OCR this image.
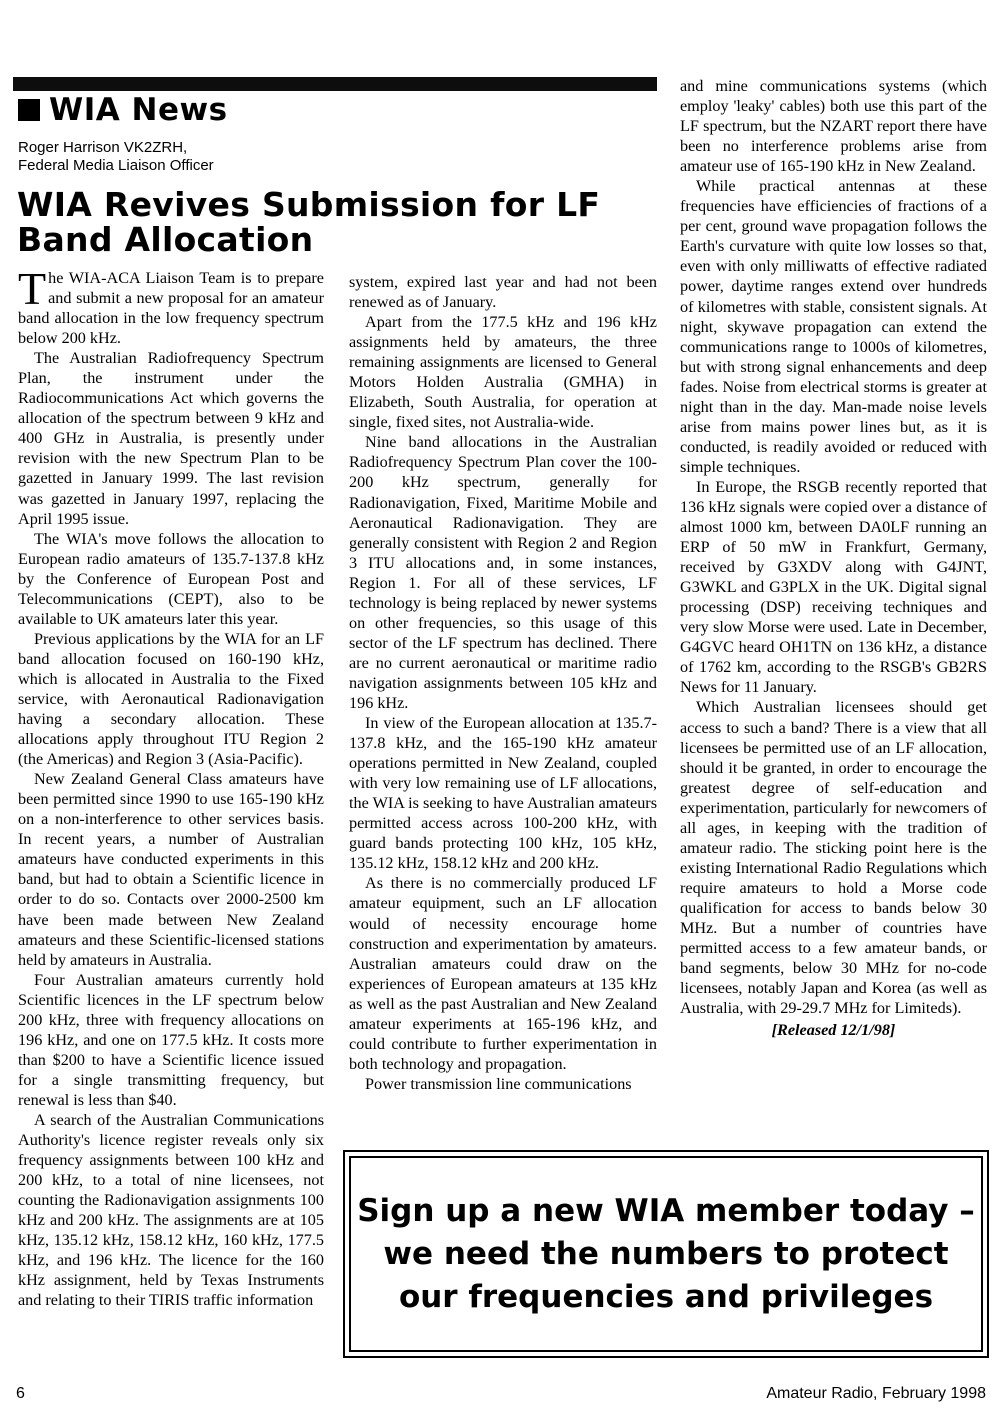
WIA News
Roger Harrison VK2ZRH,
Federal Media Liaison Officer
WIA Revives Submission for LF Band Allocation

The WIA-ACA Liaison Team is to prepare and submit a new proposal for an amateur band allocation in the low frequency spectrum below 200 kHz.

The Australian Radiofrequency Spectrum Plan, the instrument under the Radiocommunications Act which governs the allocation of the spectrum between 9 kHz and 400 GHz in Australia, is presently under revision with the new Spectrum Plan to be gazetted in January 1999. The last revision was gazetted in January 1997, replacing the April 1995 issue.

The WIA's move follows the allocation to European radio amateurs of 135.7-137.8 kHz by the Conference of European Post and Telecommunications (CEPT), also to be available to UK amateurs later this year.

Previous applications by the WIA for an LF band allocation focused on 160-190 kHz, which is allocated in Australia to the Fixed service, with Aeronautical Radionavigation having a secondary allocation. These allocations apply throughout ITU Region 2 (the Americas) and Region 3 (Asia-Pacific).

New Zealand General Class amateurs have been permitted since 1990 to use 165-190 kHz on a non-interference to other services basis. In recent years, a number of Australian amateurs have conducted experiments in this band, but had to obtain a Scientific licence in order to do so. Contacts over 2000-2500 km have been made between New Zealand amateurs and these Scientific-licensed stations held by amateurs in Australia.

Four Australian amateurs currently hold Scientific licences in the LF spectrum below 200 kHz, three with frequency allocations on 196 kHz, and one on 177.5 kHz. It costs more than $200 to have a Scientific licence issued for a single transmitting frequency, but renewal is less than $40.

A search of the Australian Communications Authority's licence register reveals only six frequency assignments between 100 kHz and 200 kHz, to a total of nine licensees, not counting the Radionavigation assignments 100 kHz and 200 kHz. The assignments are at 105 kHz, 135.12 kHz, 158.12 kHz, 160 kHz, 177.5 kHz, and 196 kHz. The licence for the 160 kHz assignment, held by Texas Instruments and relating to their TIRIS traffic information

system, expired last year and had not been renewed as of January.

Apart from the 177.5 kHz and 196 kHz assignments held by amateurs, the three remaining assignments are licensed to General Motors Holden Australia (GMHA) in Elizabeth, South Australia, for operation at single, fixed sites, not Australia-wide.

Nine band allocations in the Australian Radiofrequency Spectrum Plan cover the 100-200 kHz spectrum, generally for Radionavigation, Fixed, Maritime Mobile and Aeronautical Radionavigation. They are generally consistent with Region 2 and Region 3 ITU allocations and, in some instances, Region 1. For all of these services, LF technology is being replaced by newer systems on other frequencies, so this usage of this sector of the LF spectrum has declined. There are no current aeronautical or maritime radio navigation assignments between 105 kHz and 196 kHz.

In view of the European allocation at 135.7-137.8 kHz, and the 165-190 kHz amateur operations permitted in New Zealand, coupled with very low remaining use of LF allocations, the WIA is seeking to have Australian amateurs permitted access across 100-200 kHz, with guard bands protecting 100 kHz, 105 kHz, 135.12 kHz, 158.12 kHz and 200 kHz.

As there is no commercially produced LF amateur equipment, such an LF allocation would of necessity encourage home construction and experimentation by amateurs. Australian amateurs could draw on the experiences of European amateurs at 135 kHz as well as the past Australian and New Zealand amateur experiments at 165-196 kHz, and could contribute to further experimentation in both technology and propagation.

Power transmission line communications

and mine communications systems (which employ 'leaky' cables) both use this part of the LF spectrum, but the NZART report there have been no interference problems arise from amateur use of 165-190 kHz in New Zealand.

While practical antennas at these frequencies have efficiencies of fractions of a per cent, ground wave propagation follows the Earth's curvature with quite low losses so that, even with only milliwatts of effective radiated power, daytime ranges extend over hundreds of kilometres with stable, consistent signals. At night, skywave propagation can extend the communications range to 1000s of kilometres, but with strong signal enhancements and deep fades. Noise from electrical storms is greater at night than in the day. Man-made noise levels arise from mains power lines but, as it is conducted, is readily avoided or reduced with simple techniques.

In Europe, the RSGB recently reported that 136 kHz signals were copied over a distance of almost 1000 km, between DA0LF running an ERP of 50 mW in Frankfurt, Germany, received by G3XDV along with G4JNT, G3WKL and G3PLX in the UK. Digital signal processing (DSP) receiving techniques and very slow Morse were used. Late in December, G4GVC heard OH1TN on 136 kHz, a distance of 1762 km, according to the RSGB's GB2RS News for 11 January.

Which Australian licensees should get access to such a band? There is a view that all licensees be permitted use of an LF allocation, should it be granted, in order to encourage the greatest degree of self-education and experimentation, particularly for newcomers of all ages, in keeping with the tradition of amateur radio. The sticking point here is the existing International Radio Regulations which require amateurs to hold a Morse code qualification for access to bands below 30 MHz. But a number of countries have permitted access to a few amateur bands, or band segments, below 30 MHz for no-code licensees, notably Japan and Korea (as well as Australia, with 29-29.7 MHz for Limiteds).

[Released 12/1/98]

Sign up a new WIA member today – we need the numbers to protect our frequencies and privileges

6	Amateur Radio, February 1998
